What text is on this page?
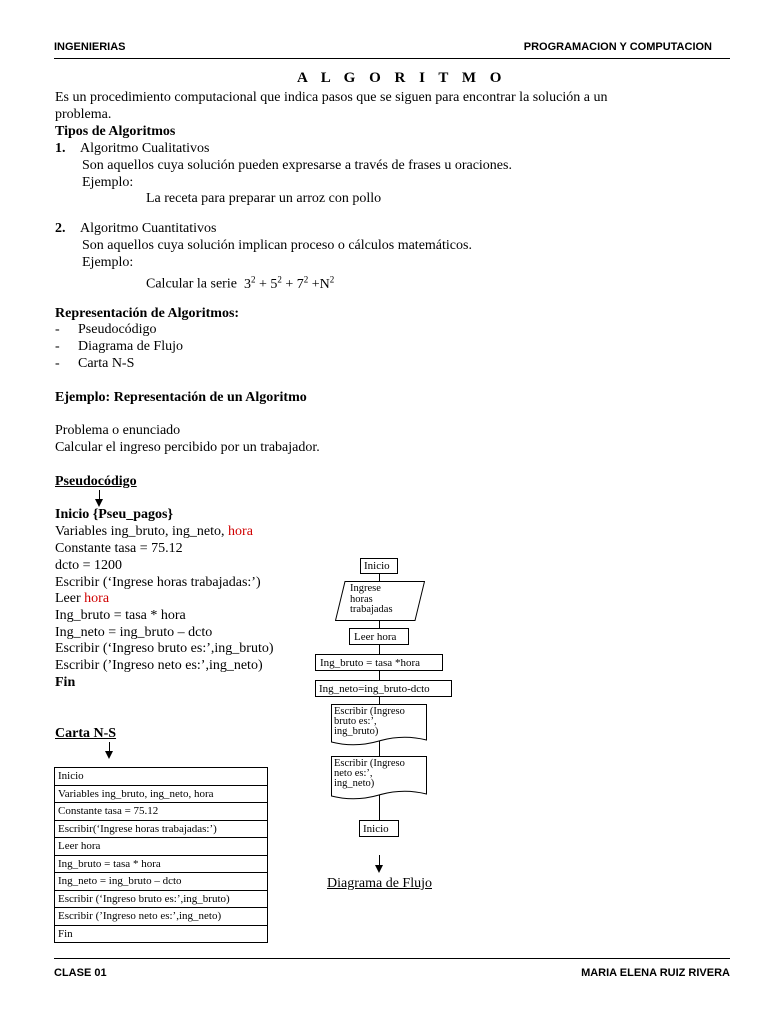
INGENIERIAS	PROGRAMACION Y COMPUTACION
A L G O R I T M O
Es un procedimiento computacional que indica pasos que se siguen para encontrar la solución a un
problema.
Tipos de Algoritmos
1. Algoritmo Cualitativos
Son aquellos cuya solución pueden expresarse a través de frases u oraciones.
Ejemplo:
La receta para preparar un arroz con pollo
2. Algoritmo Cuantitativos
Son aquellos cuya solución implican proceso o cálculos matemáticos.
Ejemplo:
Calcular la serie $3^2 + 5^2 + 7^2 +N^2$
Representación de Algoritmos:
- Pseudocódigo
- Diagrama de Flujo
- Carta N-S
Ejemplo: Representación de un Algoritmo
Problema o enunciado
Calcular el ingreso percibido por un trabajador.
Pseudocódigo
Inicio {Pseu_pagos}
Variables ing_bruto, ing_neto, hora
Constante tasa = 75.12
dcto = 1200
Escribir (‘Ingrese horas trabajadas:’)
Leer hora
Ing_bruto = tasa * hora
Ing_neto = ing_bruto – dcto
Escribir (‘Ingreso bruto es:’,ing_bruto)
Escribir (’Ingreso neto es:’,ing_neto)
Fin
Carta N-S
Inicio
Variables ing_bruto, ing_neto, hora
Constante tasa = 75.12
Escribir(‘Ingrese horas trabajadas:’)
Leer hora
Ing_bruto = tasa * hora
Ing_neto = ing_bruto – dcto
Escribir (‘Ingreso bruto es:’,ing_bruto)
Escribir (’Ingreso neto es:’,ing_neto)
Fin
Inicio
Ingrese
horas
trabajadas
Leer hora
Ing_bruto = tasa *hora
Ing_neto=ing_bruto-dcto
Escribir (Ingreso
bruto es:’,
ing_bruto)
Escribir (Ingreso
neto es:’,
ing_neto)
Inicio
Diagrama de Flujo
CLASE 01	MARIA ELENA RUIZ RIVERA
